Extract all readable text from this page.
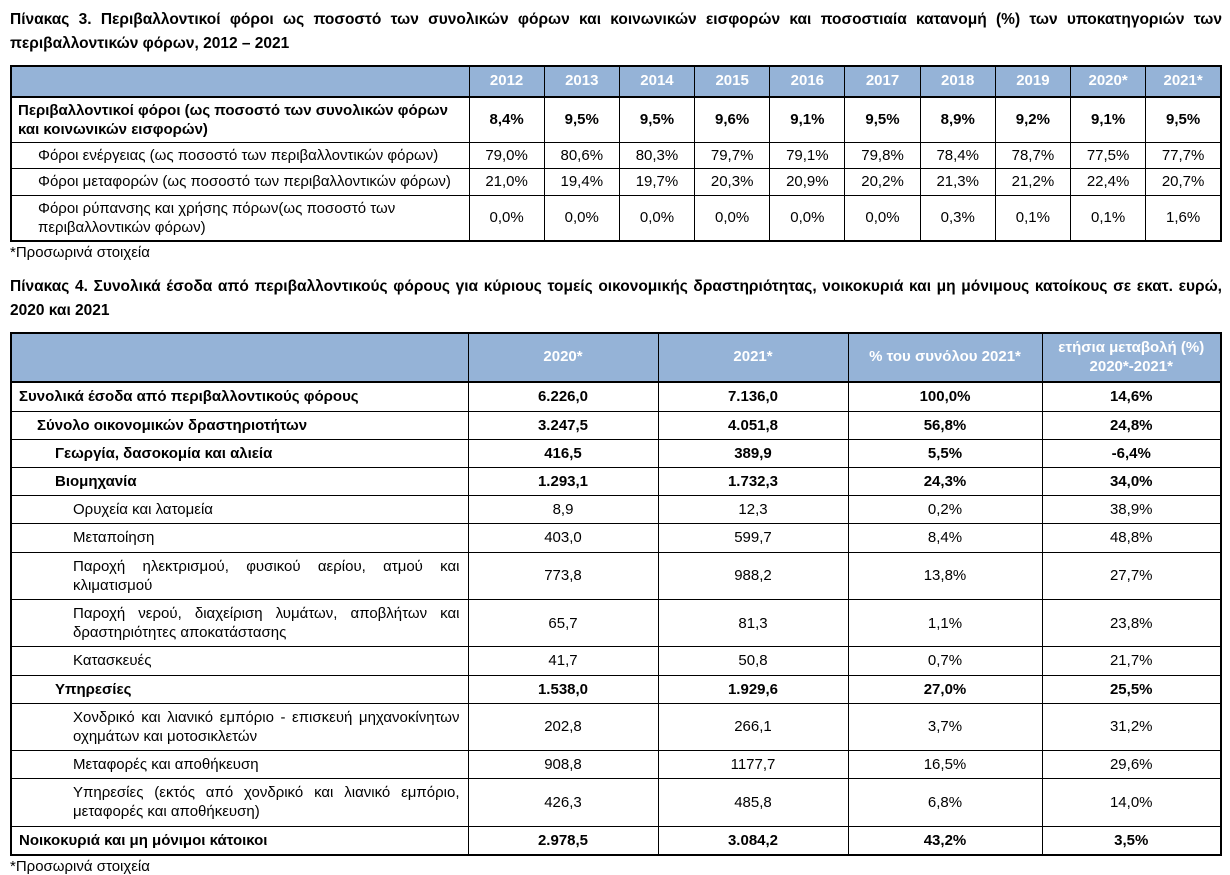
Πίνακας 3. Περιβαλλοντικοί φόροι ως ποσοστό των συνολικών φόρων και κοινωνικών εισφορών και ποσοστιαία κατανομή (%) των υποκατηγοριών των περιβαλλοντικών φόρων, 2012 – 2021

	2012	2013	2014	2015	2016	2017	2018	2019	2020*	2021*
Περιβαλλοντικοί φόροι (ως ποσοστό των συνολικών φόρων και κοινωνικών εισφορών)	8,4%	9,5%	9,5%	9,6%	9,1%	9,5%	8,9%	9,2%	9,1%	9,5%
Φόροι ενέργειας (ως ποσοστό των περιβαλλοντικών φόρων)	79,0%	80,6%	80,3%	79,7%	79,1%	79,8%	78,4%	78,7%	77,5%	77,7%
Φόροι μεταφορών (ως ποσοστό των περιβαλλοντικών φόρων)	21,0%	19,4%	19,7%	20,3%	20,9%	20,2%	21,3%	21,2%	22,4%	20,7%
Φόροι ρύπανσης και χρήσης πόρων(ως ποσοστό των περιβαλλοντικών φόρων)	0,0%	0,0%	0,0%	0,0%	0,0%	0,0%	0,3%	0,1%	0,1%	1,6%

*Προσωρινά στοιχεία

Πίνακας 4. Συνολικά έσοδα από περιβαλλοντικούς φόρους για κύριους τομείς οικονομικής δραστηριότητας, νοικοκυριά και μη μόνιμους κατοίκους σε εκατ. ευρώ, 2020 και 2021

	2020*	2021*	% του συνόλου 2021*	ετήσια μεταβολή (%) 2020*-2021*
Συνολικά έσοδα από περιβαλλοντικούς φόρους	6.226,0	7.136,0	100,0%	14,6%
Σύνολο οικονομικών δραστηριοτήτων	3.247,5	4.051,8	56,8%	24,8%
Γεωργία, δασοκομία και αλιεία	416,5	389,9	5,5%	-6,4%
Βιομηχανία	1.293,1	1.732,3	24,3%	34,0%
Ορυχεία και λατομεία	8,9	12,3	0,2%	38,9%
Μεταποίηση	403,0	599,7	8,4%	48,8%
Παροχή ηλεκτρισμού, φυσικού αερίου, ατμού και κλιματισμού	773,8	988,2	13,8%	27,7%
Παροχή νερού, διαχείριση λυμάτων, αποβλήτων και δραστηριότητες αποκατάστασης	65,7	81,3	1,1%	23,8%
Κατασκευές	41,7	50,8	0,7%	21,7%
Υπηρεσίες	1.538,0	1.929,6	27,0%	25,5%
Χονδρικό και λιανικό εμπόριο - επισκευή μηχανοκίνητων οχημάτων και μοτοσικλετών	202,8	266,1	3,7%	31,2%
Μεταφορές και αποθήκευση	908,8	1177,7	16,5%	29,6%
Υπηρεσίες (εκτός από χονδρικό και λιανικό εμπόριο, μεταφορές και αποθήκευση)	426,3	485,8	6,8%	14,0%
Νοικοκυριά και μη μόνιμοι κάτοικοι	2.978,5	3.084,2	43,2%	3,5%

*Προσωρινά στοιχεία
